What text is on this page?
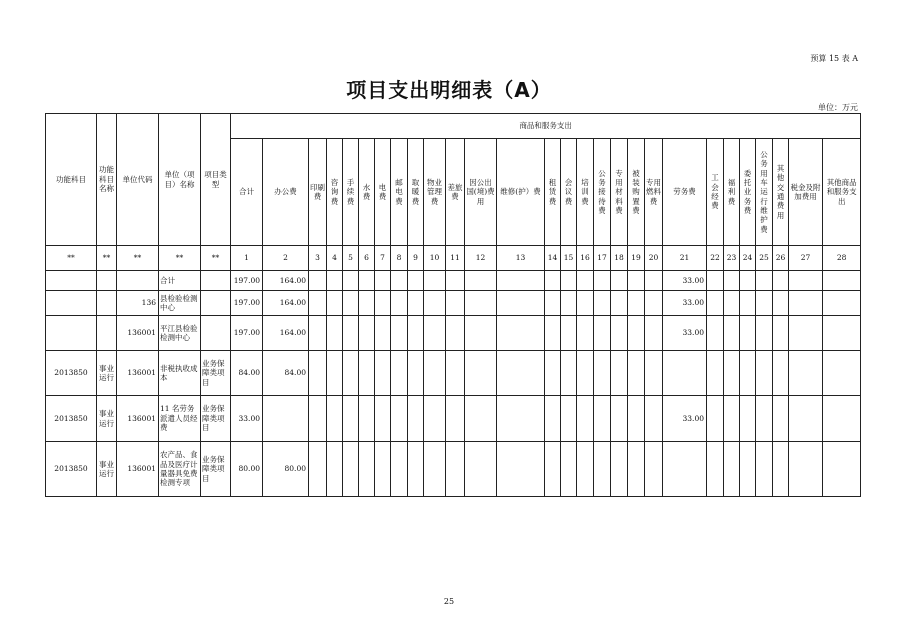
预算 15 表 A
项目支出明细表（A）
单位：万元
功能科目	功能科目名称	单位代码	单位（项目）名称	项目类型	商品和服务支出																											
					合计	办公费	印刷费	咨询费	手续费	水费	电费	邮电费	取暖费	物业管理费	差旅费	因公出国(境)费用	维修(护）费	租赁费	会议费	培训费	公务接待费	专用材料费	被装购置费	专用燃料费	劳务费	工会经费	福利费	委托业务费	公务用车运行维护费	其他交通费用	税金及附加费用	其他商品和服务支出
**	**	**	**	**	1	2	3	4	5	6	7	8	9	10	11	12	13	14	15	16	17	18	19	20	21	22	23	24	25	26	27	28
			合计		197.00	164.00																			33.00							
		136	县检验检测中心		197.00	164.00																			33.00							
		136001	平江县检验检测中心		197.00	164.00																			33.00							
2013850	事业运行	136001	非税执收成本	业务保障类项目	84.00	84.00																										
2013850	事业运行	136001	11 名劳务派遣人员经费	业务保障类项目	33.00																				33.00							
2013850	事业运行	136001	农产品、食品及医疗计量器具免费检测专项	业务保障类项目	80.00	80.00																										
25
